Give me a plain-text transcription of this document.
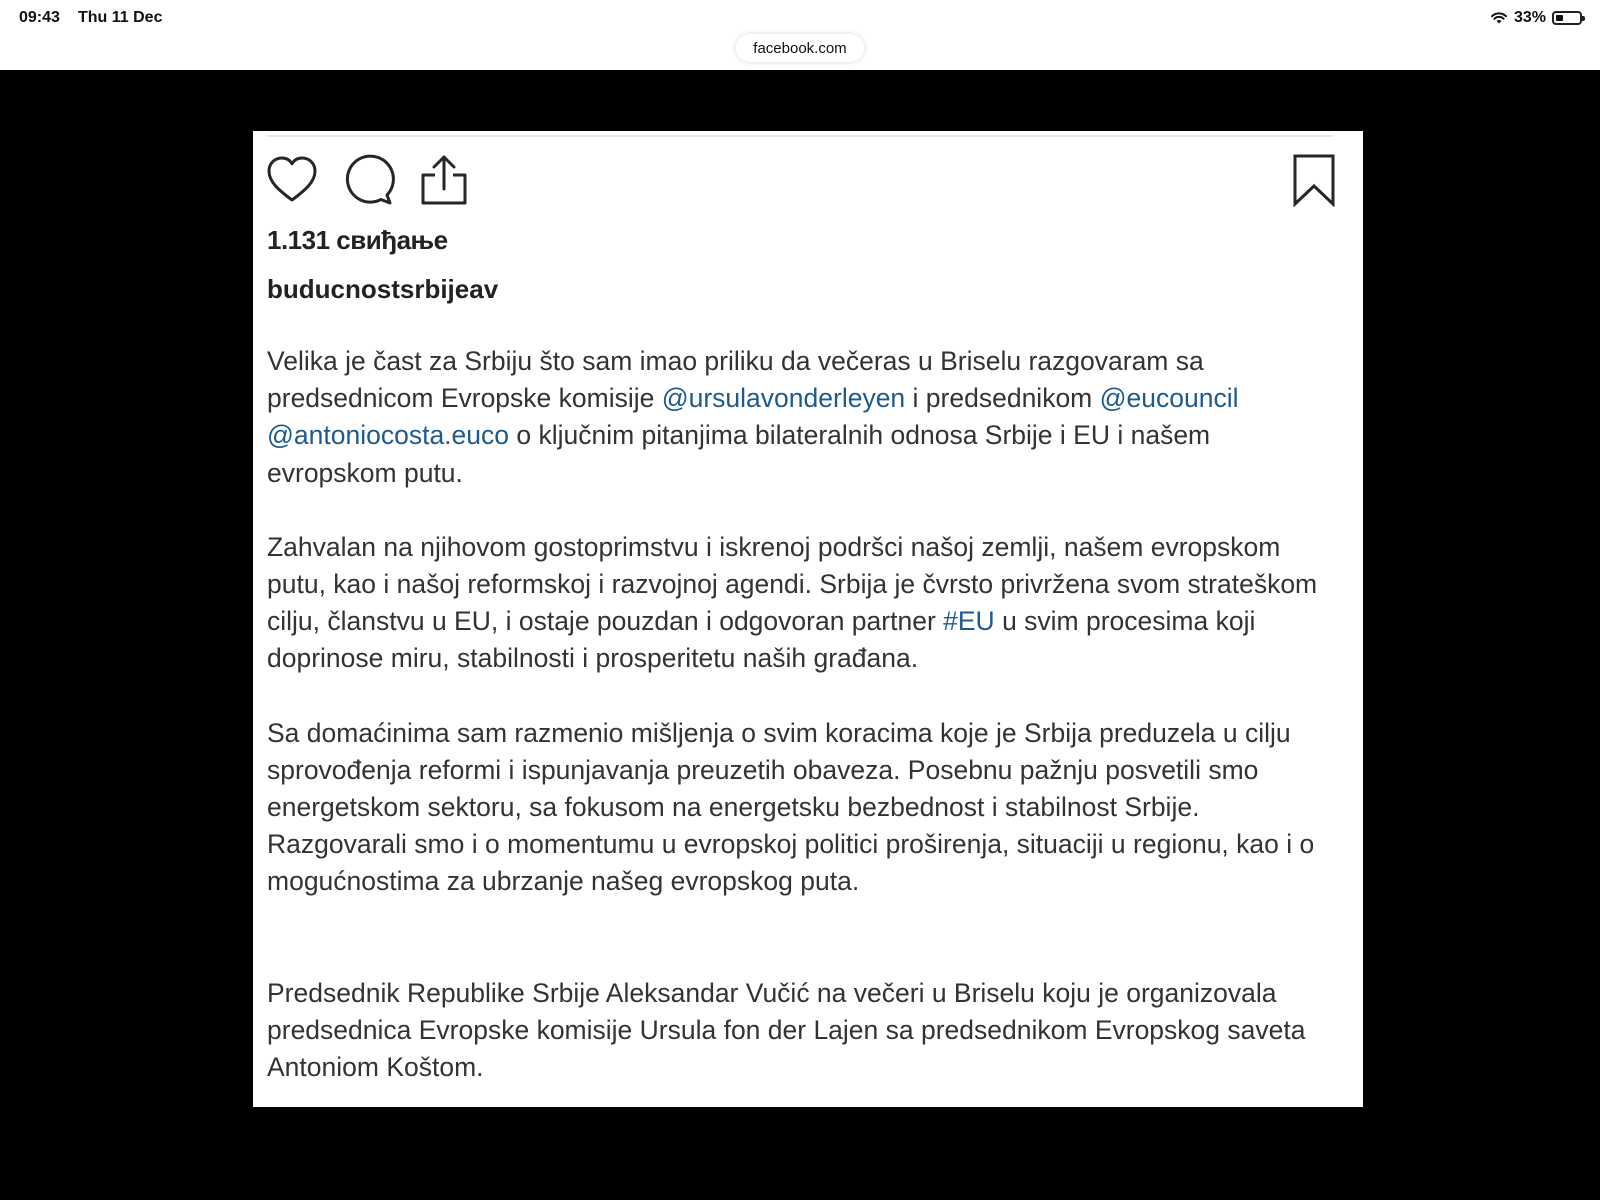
09:43 Thu 11 Dec	33%
facebook.com
1.131 свиђање
buducnostsrbijeav

Velika je čast za Srbiju što sam imao priliku da večeras u Briselu razgovaram sa predsednicom Evropske komisije @ursulavonderleyen i predsednikom @eucouncil @antoniocosta.euco o ključnim pitanjima bilateralnih odnosa Srbije i EU i našem evropskom putu.

Zahvalan na njihovom gostoprimstvu i iskrenoj podršci našoj zemlji, našem evropskom putu, kao i našoj reformskoj i razvojnoj agendi. Srbija je čvrsto privržena svom strateškom cilju, članstvu u EU, i ostaje pouzdan i odgovoran partner #EU u svim procesima koji doprinose miru, stabilnosti i prosperitetu naših građana.

Sa domaćinima sam razmenio mišljenja o svim koracima koje je Srbija preduzela u cilju sprovođenja reformi i ispunjavanja preuzetih obaveza. Posebnu pažnju posvetili smo energetskom sektoru, sa fokusom na energetsku bezbednost i stabilnost Srbije. Razgovarali smo i o momentumu u evropskoj politici proširenja, situaciji u regionu, kao i o mogućnostima za ubrzanje našeg evropskog puta.

Predsednik Republike Srbije Aleksandar Vučić na večeri u Briselu koju je organizovala predsednica Evropske komisije Ursula fon der Lajen sa predsednikom Evropskog saveta Antoniom Koštom.
